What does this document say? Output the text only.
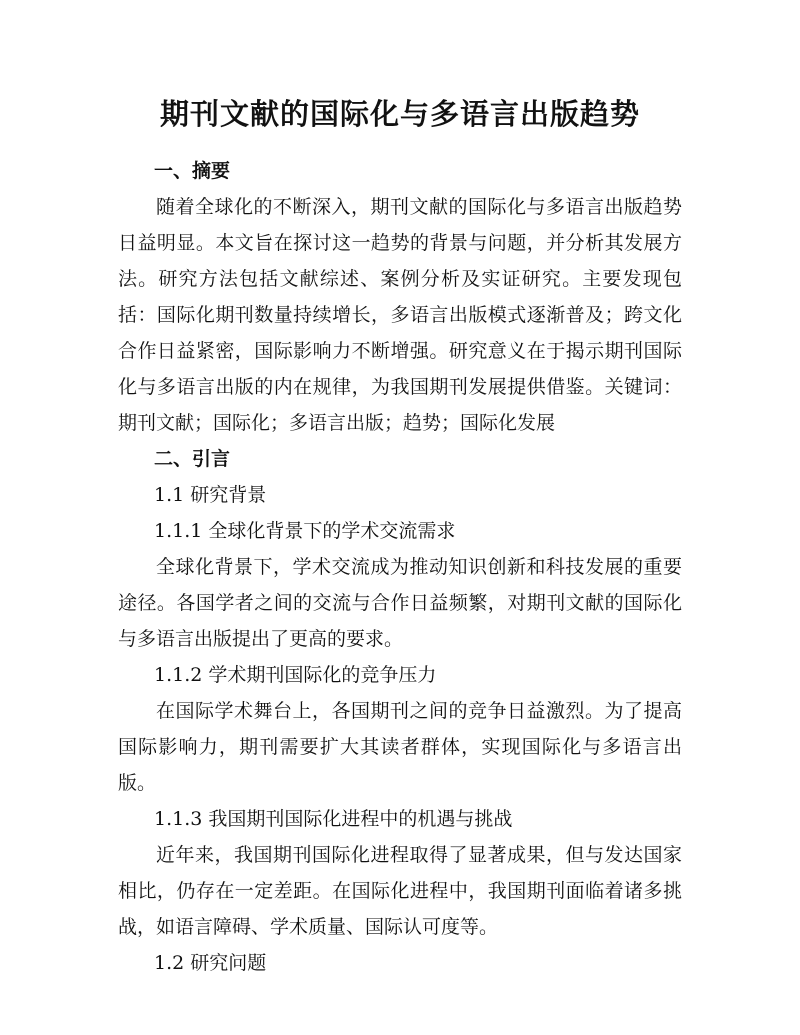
期刊文献的国际化与多语言出版趋势
一、摘要

随着全球化的不断深入，期刊文献的国际化与多语言出版趋势日益明显。本文旨在探讨这一趋势的背景与问题，并分析其发展方法。研究方法包括文献综述、案例分析及实证研究。主要发现包括：国际化期刊数量持续增长，多语言出版模式逐渐普及；跨文化合作日益紧密，国际影响力不断增强。研究意义在于揭示期刊国际化与多语言出版的内在规律，为我国期刊发展提供借鉴。关键词：期刊文献；国际化；多语言出版；趋势；国际化发展

二、引言

1.1 研究背景

1.1.1 全球化背景下的学术交流需求

全球化背景下，学术交流成为推动知识创新和科技发展的重要途径。各国学者之间的交流与合作日益频繁，对期刊文献的国际化与多语言出版提出了更高的要求。

1.1.2 学术期刊国际化的竞争压力

在国际学术舞台上，各国期刊之间的竞争日益激烈。为了提高国际影响力，期刊需要扩大其读者群体，实现国际化与多语言出版。

1.1.3 我国期刊国际化进程中的机遇与挑战

近年来，我国期刊国际化进程取得了显著成果，但与发达国家相比，仍存在一定差距。在国际化进程中，我国期刊面临着诸多挑战，如语言障碍、学术质量、国际认可度等。

1.2 研究问题
